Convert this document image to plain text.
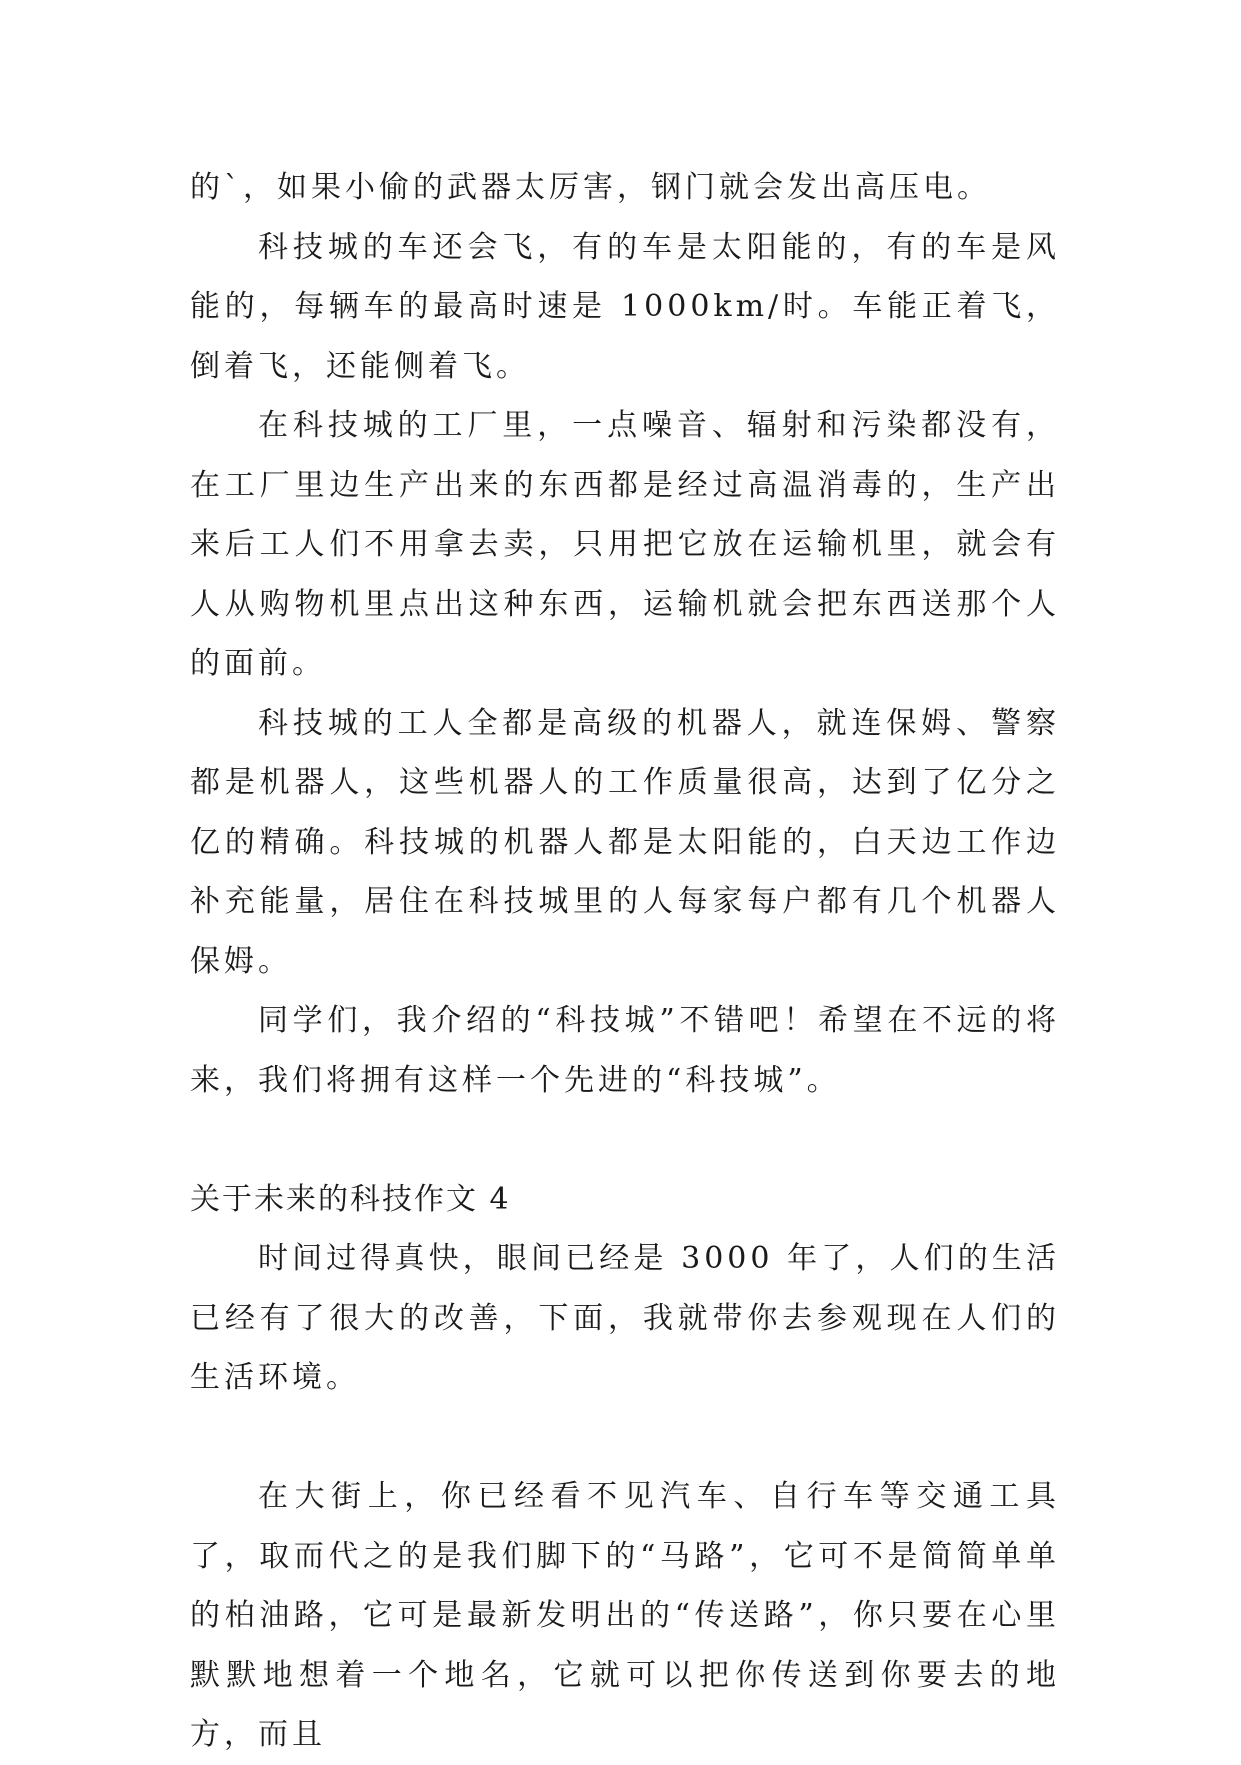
的`，如果小偷的武器太厉害，钢门就会发出高压电。

科技城的车还会飞，有的车是太阳能的，有的车是风能的，每辆车的最高时速是 1000km/时。车能正着飞，倒着飞，还能侧着飞。

在科技城的工厂里，一点噪音、辐射和污染都没有，在工厂里边生产出来的东西都是经过高温消毒的，生产出来后工人们不用拿去卖，只用把它放在运输机里，就会有人从购物机里点出这种东西，运输机就会把东西送那个人的面前。

科技城的工人全都是高级的机器人，就连保姆、警察都是机器人，这些机器人的工作质量很高，达到了亿分之亿的精确。科技城的机器人都是太阳能的，白天边工作边补充能量，居住在科技城里的人每家每户都有几个机器人保姆。

同学们，我介绍的“科技城”不错吧！希望在不远的将来，我们将拥有这样一个先进的“科技城”。

关于未来的科技作文 4

时间过得真快，眼间已经是 3000 年了，人们的生活已经有了很大的改善，下面，我就带你去参观现在人们的生活环境。

在大街上，你已经看不见汽车、自行车等交通工具了，取而代之的是我们脚下的“马路”，它可不是简简单单的柏油路，它可是最新发明出的“传送路”，你只要在心里默默地想着一个地名，它就可以把你传送到你要去的地方，而且
